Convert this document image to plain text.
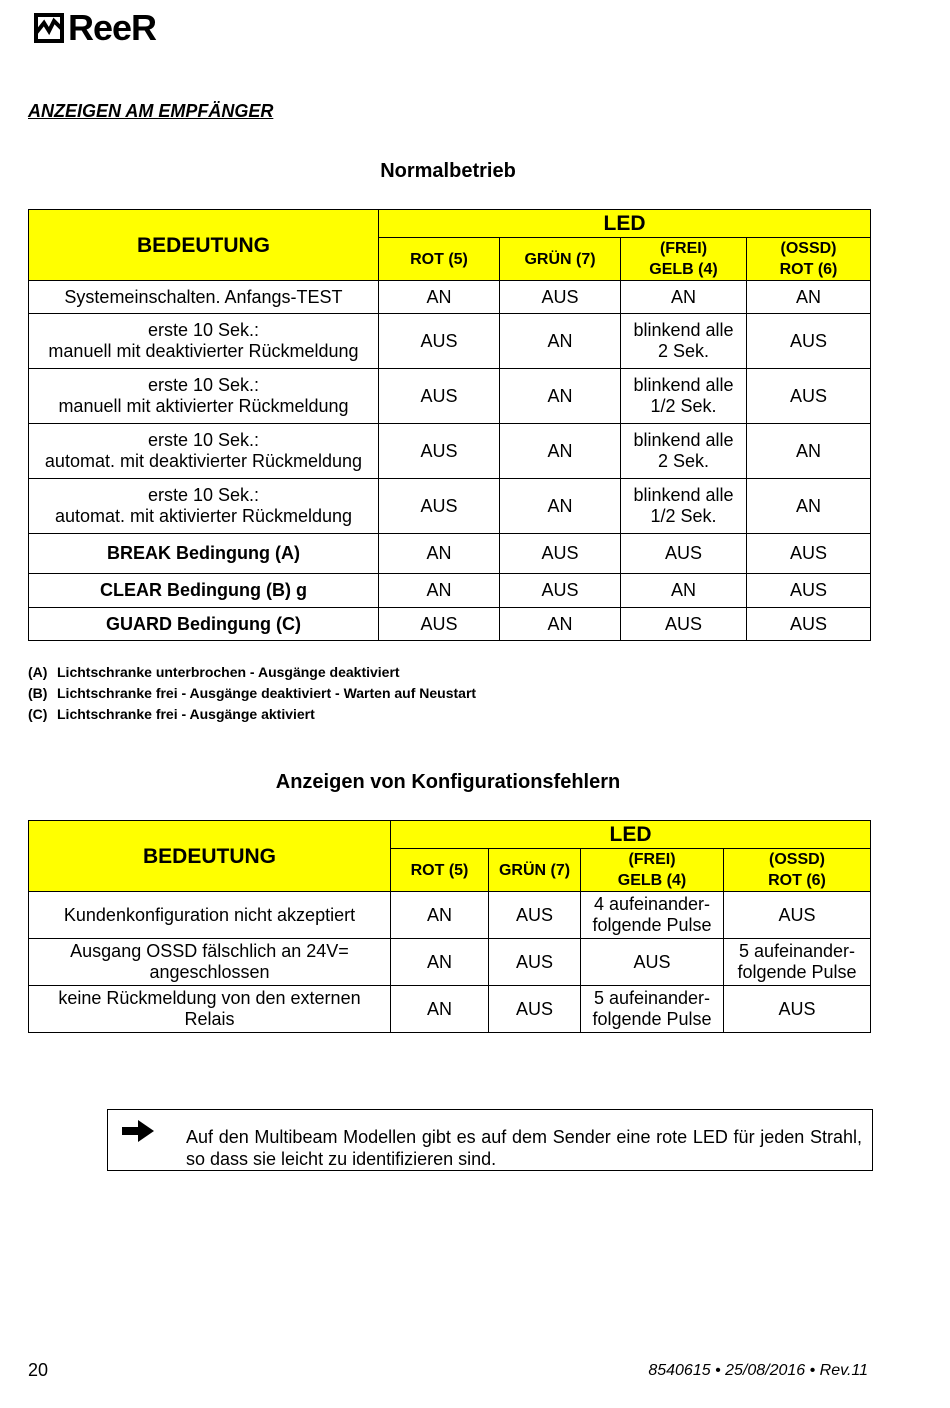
ReeR
ANZEIGEN AM EMPFÄNGER
Normalbetrieb
BEDEUTUNG	LED			
	ROT (5)	GRÜN (7)	(FREI)
GELB (4)	(OSSD)
ROT (6)
Systemeinschalten. Anfangs-TEST	AN	AUS	AN	AN
erste 10 Sek.:
manuell mit deaktivierter Rückmeldung	AUS	AN	blinkend alle
2 Sek.	AUS
erste 10 Sek.:
manuell mit aktivierter Rückmeldung	AUS	AN	blinkend alle
1/2 Sek.	AUS
erste 10 Sek.:
automat. mit deaktivierter Rückmeldung	AUS	AN	blinkend alle
2 Sek.	AN
erste 10 Sek.:
automat. mit aktivierter Rückmeldung	AUS	AN	blinkend alle
1/2 Sek.	AN
BREAK Bedingung (A)	AN	AUS	AUS	AUS
CLEAR Bedingung (B) g	AN	AUS	AN	AUS
GUARD Bedingung (C)	AUS	AN	AUS	AUS
(A) Lichtschranke unterbrochen - Ausgänge deaktiviert
(B) Lichtschranke frei - Ausgänge deaktiviert - Warten auf Neustart
(C) Lichtschranke frei - Ausgänge aktiviert
Anzeigen von Konfigurationsfehlern
BEDEUTUNG	LED			
	ROT (5)	GRÜN (7)	(FREI)
GELB (4)	(OSSD)
ROT (6)
Kundenkonfiguration nicht akzeptiert	AN	AUS	4 aufeinander-
folgende Pulse	AUS
Ausgang OSSD fälschlich an 24V=
angeschlossen	AN	AUS	AUS	5 aufeinander-
folgende Pulse
keine Rückmeldung von den externen
Relais	AN	AUS	5 aufeinander-
folgende Pulse	AUS
Auf den Multibeam Modellen gibt es auf dem Sender eine rote LED für jeden Strahl, so dass sie leicht zu identifizieren sind.
20	8540615 • 25/08/2016 • Rev.11
